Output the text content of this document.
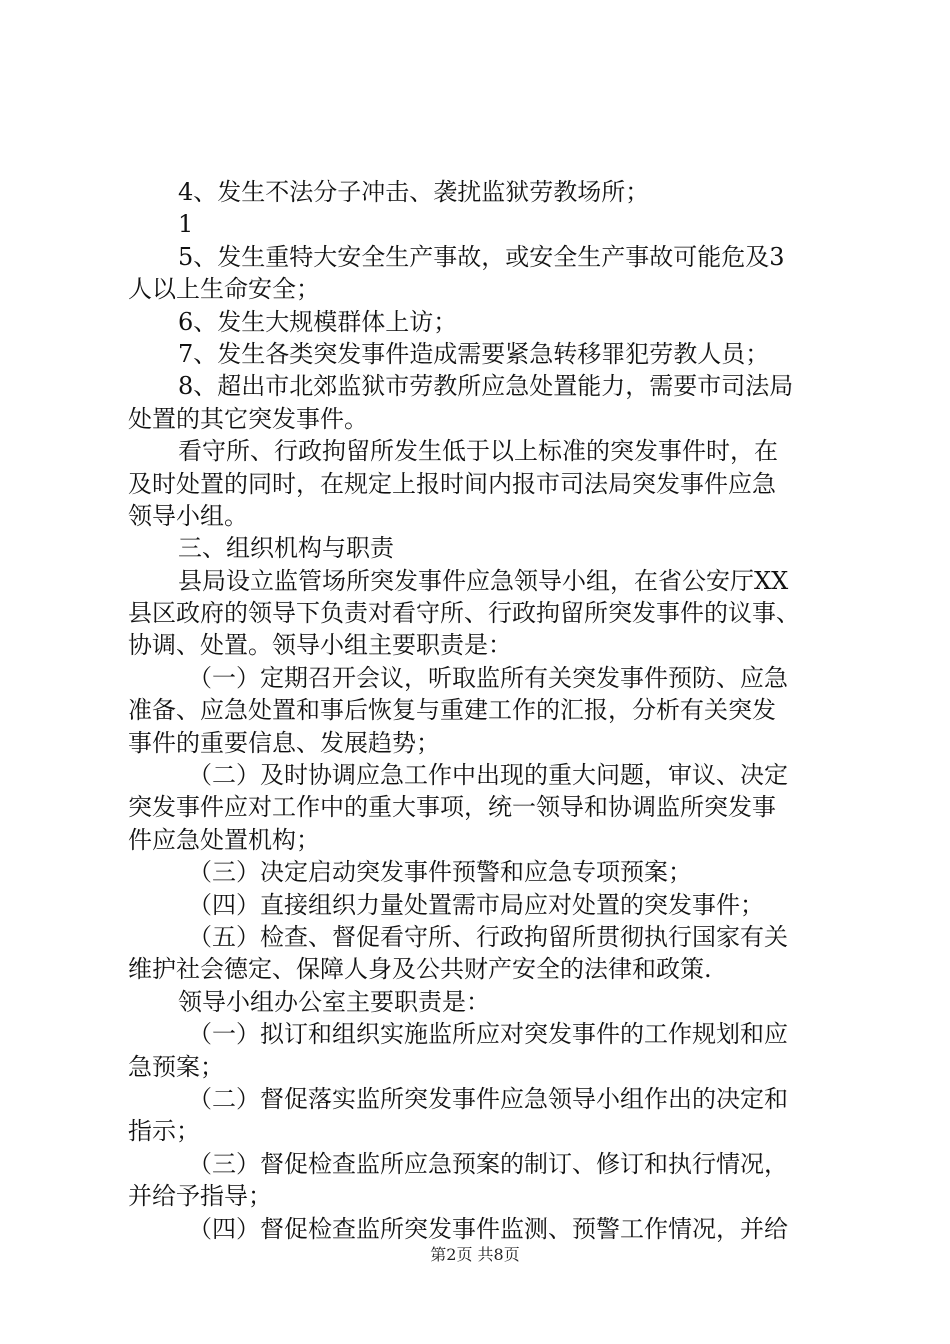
4、发生不法分子冲击、袭扰监狱劳教场所；
1
5、发生重特大安全生产事故，或安全生产事故可能危及3
人以上生命安全；
6、发生大规模群体上访；
7、发生各类突发事件造成需要紧急转移罪犯劳教人员；
8、超出市北郊监狱市劳教所应急处置能力，需要市司法局
处置的其它突发事件。
看守所、行政拘留所发生低于以上标准的突发事件时，在
及时处置的同时，在规定上报时间内报市司法局突发事件应急
领导小组。
三、组织机构与职责
县局设立监管场所突发事件应急领导小组，在省公安厅XX
县区政府的领导下负责对看守所、行政拘留所突发事件的议事、
协调、处置。领导小组主要职责是：
（一）定期召开会议，听取监所有关突发事件预防、应急
准备、应急处置和事后恢复与重建工作的汇报，分析有关突发
事件的重要信息、发展趋势；
（二）及时协调应急工作中出现的重大问题，审议、决定
突发事件应对工作中的重大事项，统一领导和协调监所突发事
件应急处置机构；
（三）决定启动突发事件预警和应急专项预案；
（四）直接组织力量处置需市局应对处置的突发事件；
（五）检查、督促看守所、行政拘留所贯彻执行国家有关
维护社会德定、保障人身及公共财产安全的法律和政策.
领导小组办公室主要职责是：
（一）拟订和组织实施监所应对突发事件的工作规划和应
急预案；
（二）督促落实监所突发事件应急领导小组作出的决定和
指示；
（三）督促检查监所应急预案的制订、修订和执行情况，
并给予指导；
（四）督促检查监所突发事件监测、预警工作情况，并给
第2页 共8页
